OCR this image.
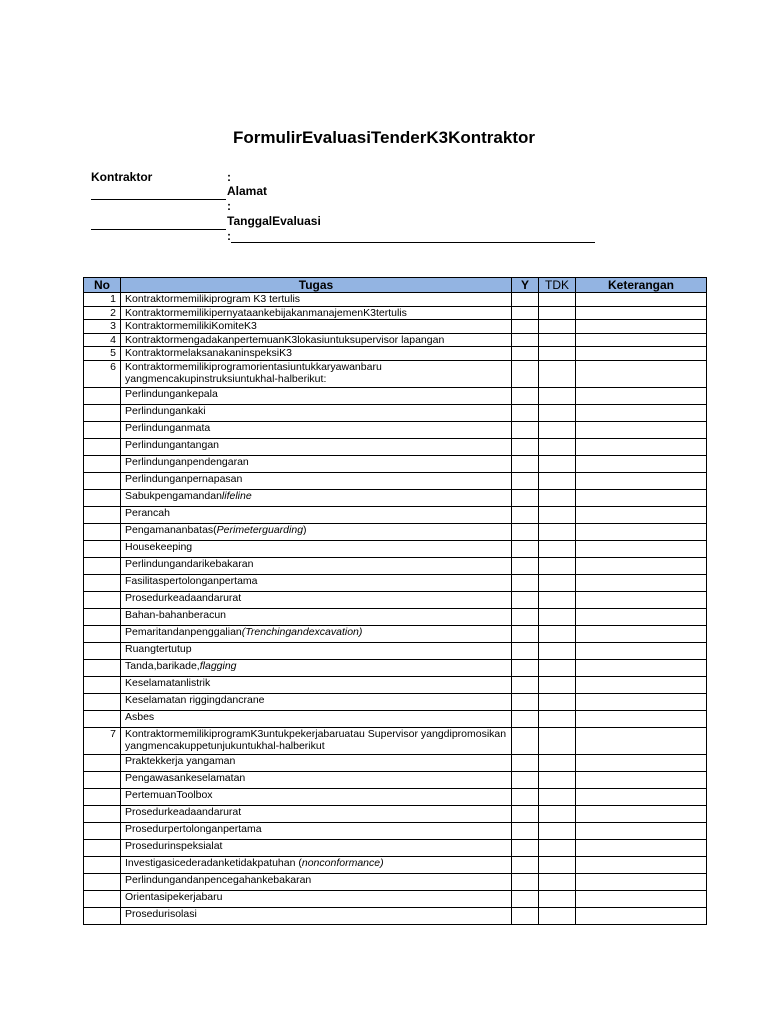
FormulirEvaluasiTenderK3Kontraktor
Kontraktor	:
Alamat
:
TanggalEvaluasi
:
No	Tugas	Y	TDK	Keterangan
1	Kontraktormemilikiprogram K3 tertulis			
2	KontraktormemilikipernyataankebijakanmanajemenK3tertulis			
3	KontraktormemilikiKomiteK3			
4	KontraktormengadakanpertemuanK3lokasiuntuksupervisor lapangan			
5	KontraktormelaksanakaninspeksiK3			
6	Kontraktormemilikiprogramorientasiuntukkaryawanbaru yangmencakupinstruksiuntukhal-halberikut:			
	Perlindungankepala			
	Perlindungankaki			
	Perlindunganmata			
	Perlindungantangan			
	Perlindunganpendengaran			
	Perlindunganpernapasan			
	Sabukpengamandanlifeline			
	Perancah			
	Pengamananbatas(Perimeterguarding)			
	Housekeeping			
	Perlindungandarikebakaran			
	Fasilitaspertolonganpertama			
	Prosedurkeadaandarurat			
	Bahan-bahanberacun			
	Pemaritandanpenggalian(Trenchingandexcavation)			
	Ruangtertutup			
	Tanda,barikade,flagging			
	Keselamatanlistrik			
	Keselamatan riggingdancrane			
	Asbes			
7	KontraktormemilikiprogramK3untukpekerjabaruatau Supervisor yangdipromosikan yangmencakuppetunjukuntukhal-halberikut			
	Praktekkerja yangaman			
	Pengawasankeselamatan			
	PertemuanToolbox			
	Prosedurkeadaandarurat			
	Prosedurpertolonganpertama			
	Prosedurinspeksialat			
	Investigasicederadanketidakpatuhan (nonconformance)			
	Perlindungandanpencegahankebakaran			
	Orientasipekerjabaru			
	Prosedurisolasi			
